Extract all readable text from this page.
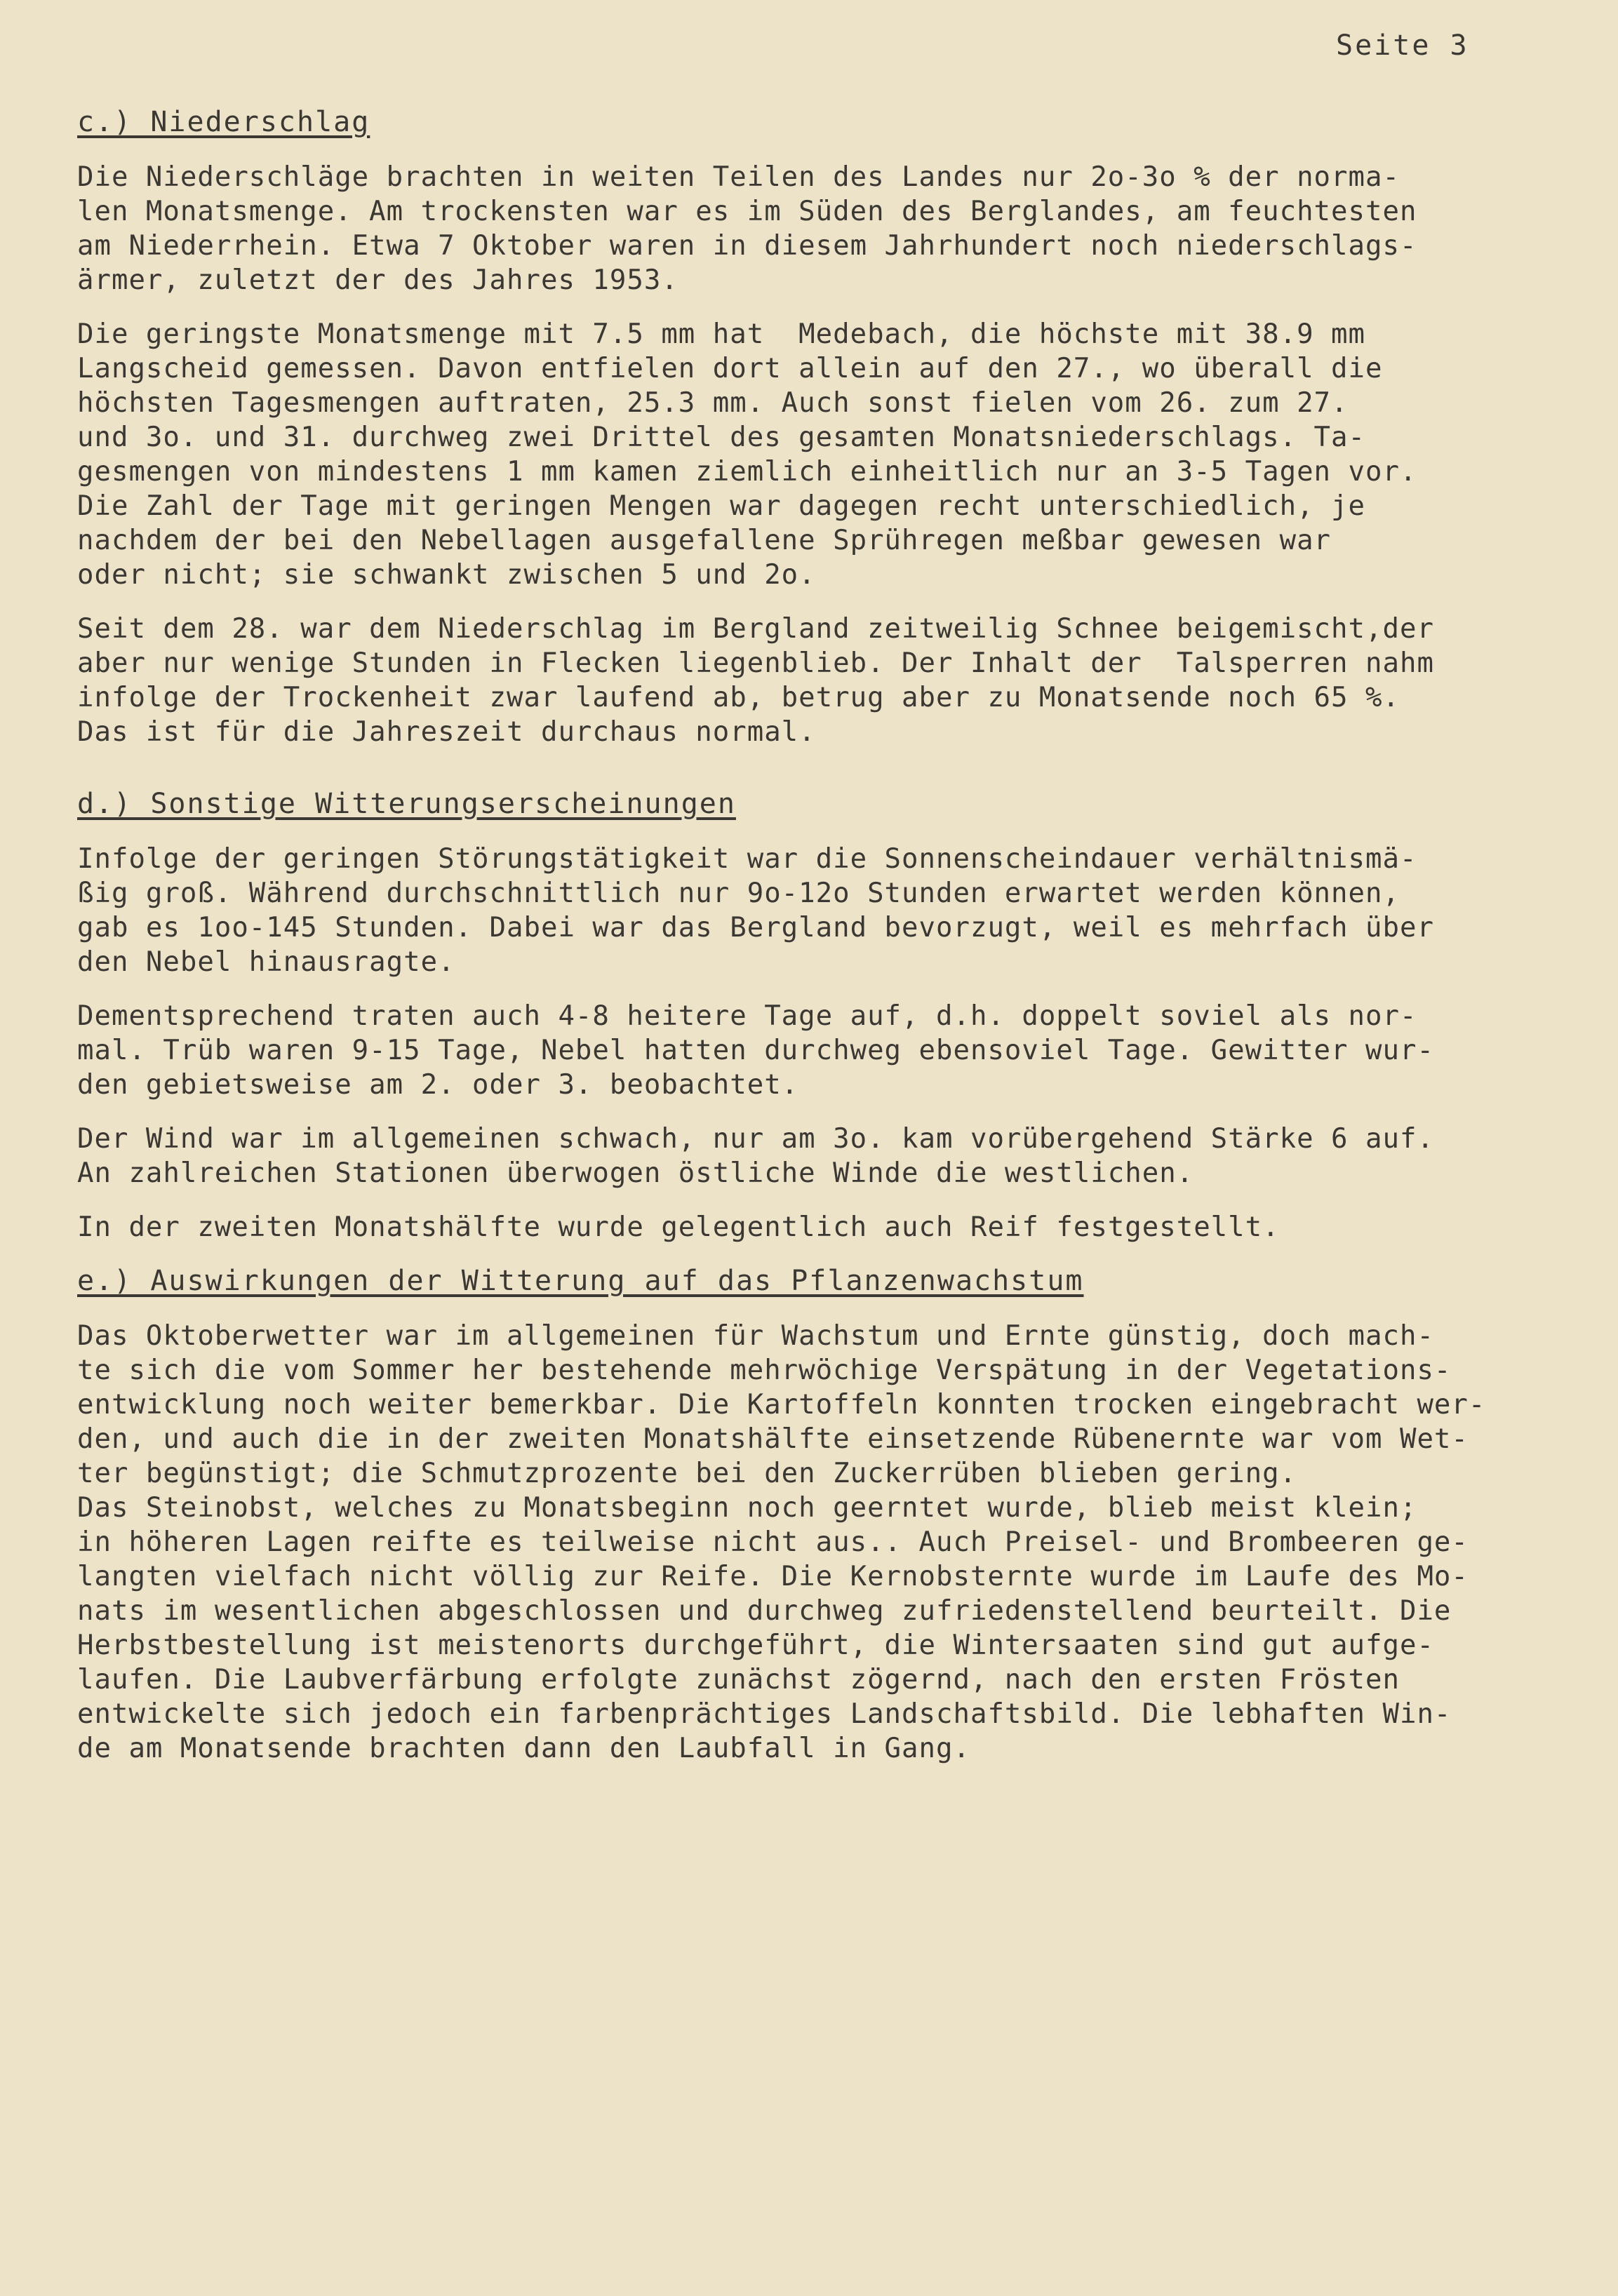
Seite 3
c.) Niederschlag
Die Niederschläge brachten in weiten Teilen des Landes nur 2o-3o % der norma-
len Monatsmenge. Am trockensten war es im Süden des Berglandes, am feuchtesten
am Niederrhein. Etwa 7 Oktober waren in diesem Jahrhundert noch niederschlags-
ärmer, zuletzt der des Jahres 1953.
Die geringste Monatsmenge mit 7.5 mm hat  Medebach, die höchste mit 38.9 mm
Langscheid gemessen. Davon entfielen dort allein auf den 27., wo überall die
höchsten Tagesmengen auftraten, 25.3 mm. Auch sonst fielen vom 26. zum 27.
und 3o. und 31. durchweg zwei Drittel des gesamten Monatsniederschlags. Ta-
gesmengen von mindestens 1 mm kamen ziemlich einheitlich nur an 3-5 Tagen vor.
Die Zahl der Tage mit geringen Mengen war dagegen recht unterschiedlich, je
nachdem der bei den Nebellagen ausgefallene Sprühregen meßbar gewesen war
oder nicht; sie schwankt zwischen 5 und 2o.
Seit dem 28. war dem Niederschlag im Bergland zeitweilig Schnee beigemischt,der
aber nur wenige Stunden in Flecken liegenblieb. Der Inhalt der  Talsperren nahm
infolge der Trockenheit zwar laufend ab, betrug aber zu Monatsende noch 65 %.
Das ist für die Jahreszeit durchaus normal.
d.) Sonstige Witterungserscheinungen
Infolge der geringen Störungstätigkeit war die Sonnenscheindauer verhältnismä-
ßig groß. Während durchschnittlich nur 9o-12o Stunden erwartet werden können,
gab es 1oo-145 Stunden. Dabei war das Bergland bevorzugt, weil es mehrfach über
den Nebel hinausragte.
Dementsprechend traten auch 4-8 heitere Tage auf, d.h. doppelt soviel als nor-
mal. Trüb waren 9-15 Tage, Nebel hatten durchweg ebensoviel Tage. Gewitter wur-
den gebietsweise am 2. oder 3. beobachtet.
Der Wind war im allgemeinen schwach, nur am 3o. kam vorübergehend Stärke 6 auf.
An zahlreichen Stationen überwogen östliche Winde die westlichen.
In der zweiten Monatshälfte wurde gelegentlich auch Reif festgestellt.
e.) Auswirkungen der Witterung auf das Pflanzenwachstum
Das Oktoberwetter war im allgemeinen für Wachstum und Ernte günstig, doch mach-
te sich die vom Sommer her bestehende mehrwöchige Verspätung in der Vegetations-
entwicklung noch weiter bemerkbar. Die Kartoffeln konnten trocken eingebracht wer-
den, und auch die in der zweiten Monatshälfte einsetzende Rübenernte war vom Wet-
ter begünstigt; die Schmutzprozente bei den Zuckerrüben blieben gering.
Das Steinobst, welches zu Monatsbeginn noch geerntet wurde, blieb meist klein;
in höheren Lagen reifte es teilweise nicht aus.. Auch Preisel- und Brombeeren ge-
langten vielfach nicht völlig zur Reife. Die Kernobsternte wurde im Laufe des Mo-
nats im wesentlichen abgeschlossen und durchweg zufriedenstellend beurteilt. Die
Herbstbestellung ist meistenorts durchgeführt, die Wintersaaten sind gut aufge-
laufen. Die Laubverfärbung erfolgte zunächst zögernd, nach den ersten Frösten
entwickelte sich jedoch ein farbenprächtiges Landschaftsbild. Die lebhaften Win-
de am Monatsende brachten dann den Laubfall in Gang.
